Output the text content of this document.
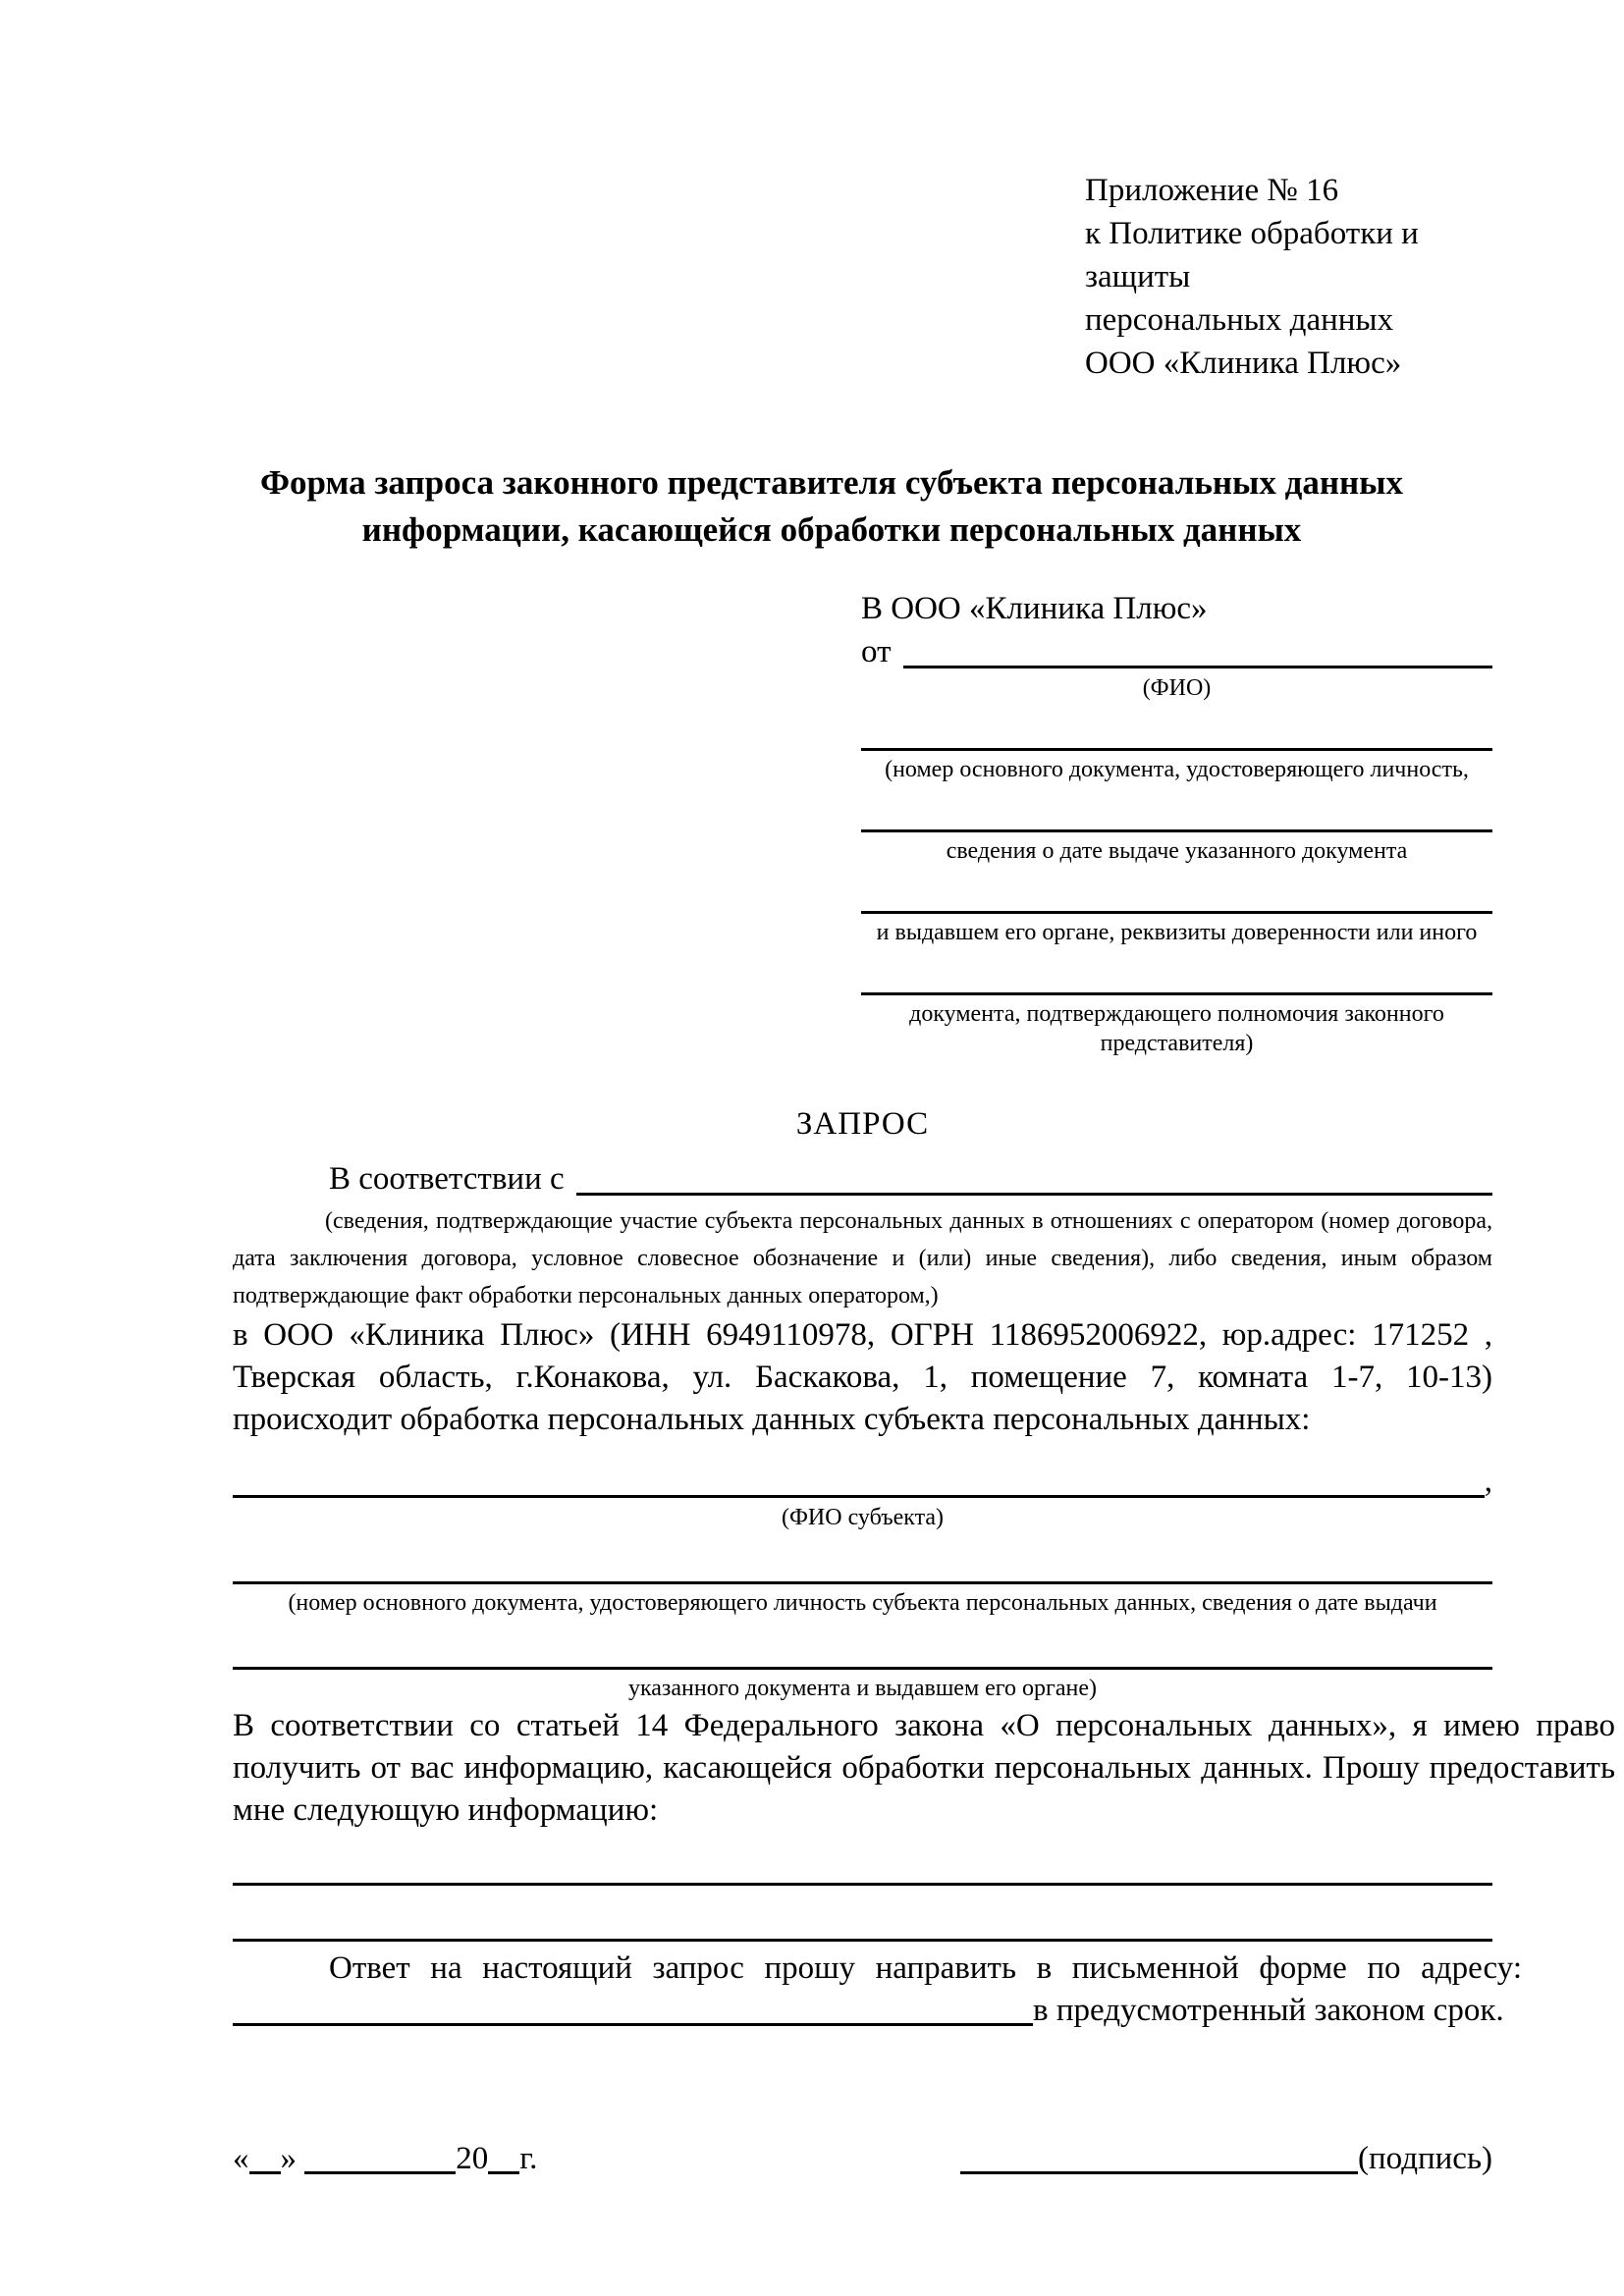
Приложение № 16
к Политике обработки и защиты
персональных данных
ООО «Клиника Плюс»
Форма запроса законного представителя субъекта персональных данных
информации, касающейся обработки персональных данных
В ООО «Клиника Плюс»
от
(ФИО)
(номер основного документа, удостоверяющего личность,
сведения о дате выдаче указанного документа
и выдавшем его органе, реквизиты доверенности или иного
документа, подтверждающего полномочия законного представителя)
ЗАПРОС
В соответствии с
(сведения, подтверждающие участие субъекта персональных данных в отношениях с оператором (номер договора, дата заключения договора, условное словесное обозначение и (или) иные сведения), либо сведения, иным образом подтверждающие факт обработки персональных данных оператором,)
в ООО «Клиника Плюс» (ИНН 6949110978, ОГРН 1186952006922, юр.адрес: 171252 , Тверская область, г.Конакова, ул. Баскакова, 1, помещение 7, комната 1-7, 10-13) происходит обработка персональных данных субъекта персональных данных:
,
(ФИО субъекта)
(номер основного документа, удостоверяющего личность субъекта персональных данных, сведения о дате выдачи
указанного документа и выдавшем его органе)
В соответствии со статьей 14 Федерального закона «О персональных данных», я имею право получить от вас информацию, касающейся обработки персональных данных. Прошу предоставить мне следующую информацию:
Ответ на настоящий запрос прошу направить в письменной форме по адресу: в предусмотренный законом срок.
« »	20 г.	(подпись)
